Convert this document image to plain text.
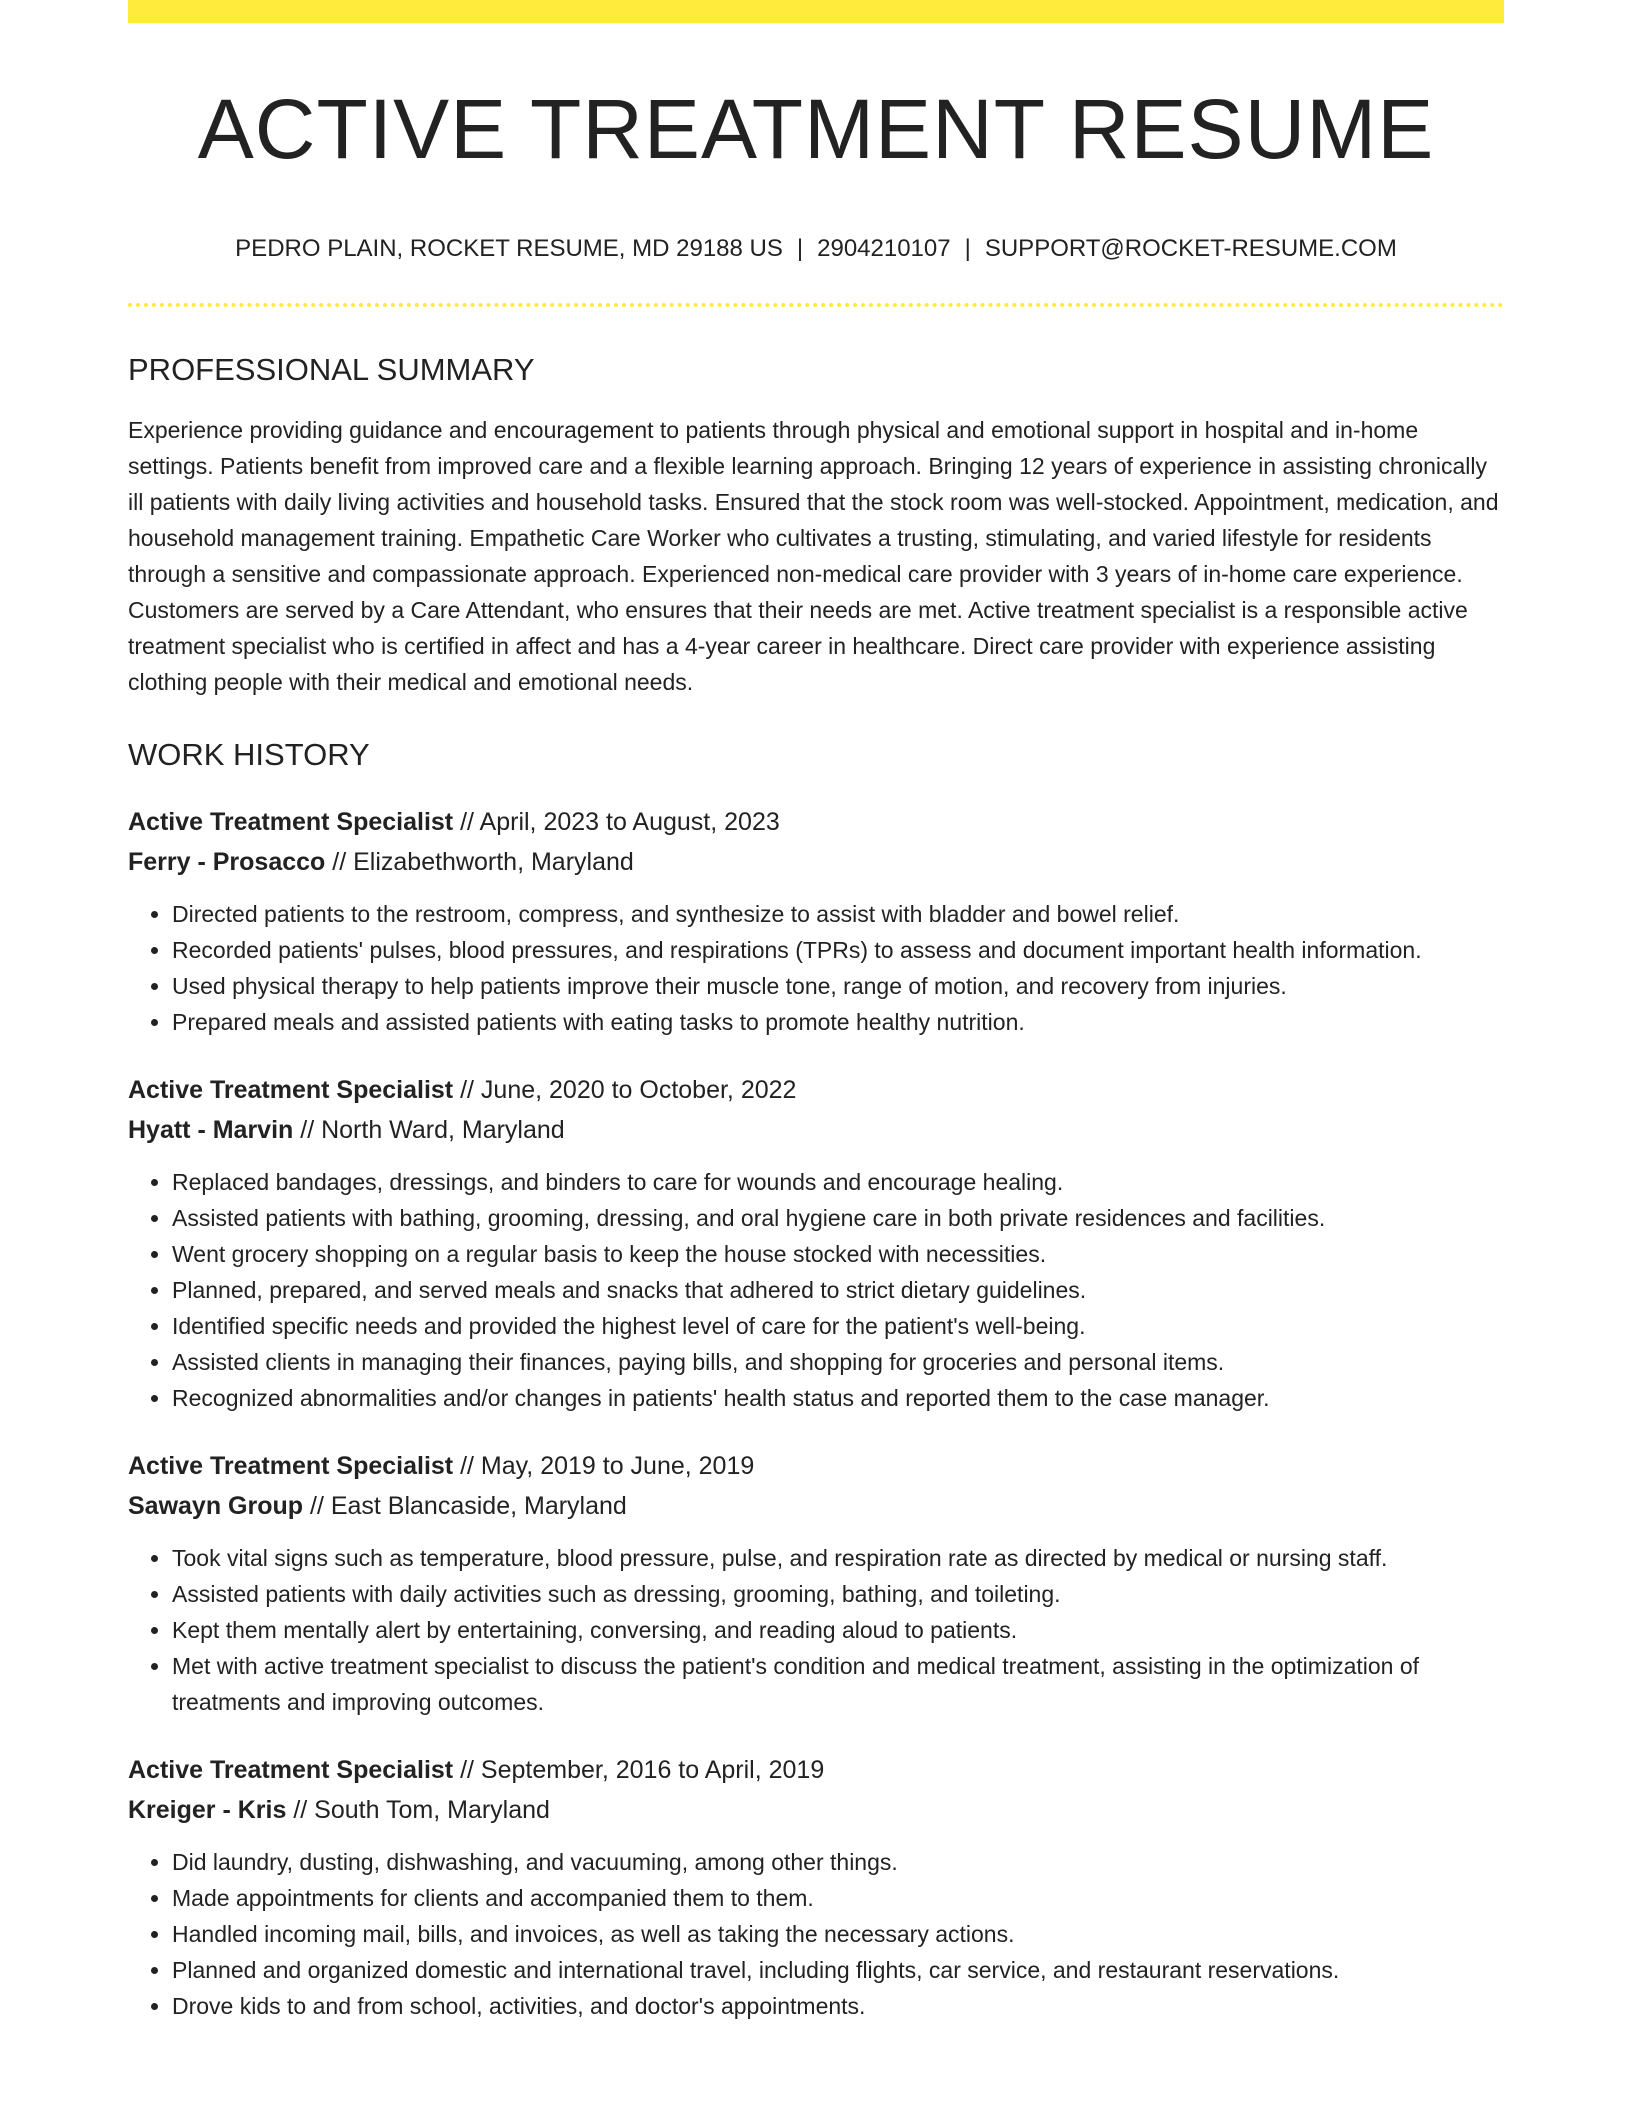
ACTIVE TREATMENT RESUME
PEDRO PLAIN, ROCKET RESUME, MD 29188 US | 2904210107 | SUPPORT@ROCKET-RESUME.COM
PROFESSIONAL SUMMARY

Experience providing guidance and encouragement to patients through physical and emotional support in hospital and in-home settings. Patients benefit from improved care and a flexible learning approach. Bringing 12 years of experience in assisting chronically ill patients with daily living activities and household tasks. Ensured that the stock room was well-stocked. Appointment, medication, and household management training. Empathetic Care Worker who cultivates a trusting, stimulating, and varied lifestyle for residents through a sensitive and compassionate approach. Experienced non-medical care provider with 3 years of in-home care experience. Customers are served by a Care Attendant, who ensures that their needs are met. Active treatment specialist is a responsible active treatment specialist who is certified in affect and has a 4-year career in healthcare. Direct care provider with experience assisting clothing people with their medical and emotional needs.

WORK HISTORY
Active Treatment Specialist // April, 2023 to August, 2023
Ferry - Prosacco // Elizabethworth, Maryland
• Directed patients to the restroom, compress, and synthesize to assist with bladder and bowel relief.
• Recorded patients' pulses, blood pressures, and respirations (TPRs) to assess and document important health information.
• Used physical therapy to help patients improve their muscle tone, range of motion, and recovery from injuries.
• Prepared meals and assisted patients with eating tasks to promote healthy nutrition.
Active Treatment Specialist // June, 2020 to October, 2022
Hyatt - Marvin // North Ward, Maryland
• Replaced bandages, dressings, and binders to care for wounds and encourage healing.
• Assisted patients with bathing, grooming, dressing, and oral hygiene care in both private residences and facilities.
• Went grocery shopping on a regular basis to keep the house stocked with necessities.
• Planned, prepared, and served meals and snacks that adhered to strict dietary guidelines.
• Identified specific needs and provided the highest level of care for the patient's well-being.
• Assisted clients in managing their finances, paying bills, and shopping for groceries and personal items.
• Recognized abnormalities and/or changes in patients' health status and reported them to the case manager.
Active Treatment Specialist // May, 2019 to June, 2019
Sawayn Group // East Blancaside, Maryland
• Took vital signs such as temperature, blood pressure, pulse, and respiration rate as directed by medical or nursing staff.
• Assisted patients with daily activities such as dressing, grooming, bathing, and toileting.
• Kept them mentally alert by entertaining, conversing, and reading aloud to patients.
• Met with active treatment specialist to discuss the patient's condition and medical treatment, assisting in the optimization of treatments and improving outcomes.
Active Treatment Specialist // September, 2016 to April, 2019
Kreiger - Kris // South Tom, Maryland
• Did laundry, dusting, dishwashing, and vacuuming, among other things.
• Made appointments for clients and accompanied them to them.
• Handled incoming mail, bills, and invoices, as well as taking the necessary actions.
• Planned and organized domestic and international travel, including flights, car service, and restaurant reservations.
• Drove kids to and from school, activities, and doctor's appointments.
